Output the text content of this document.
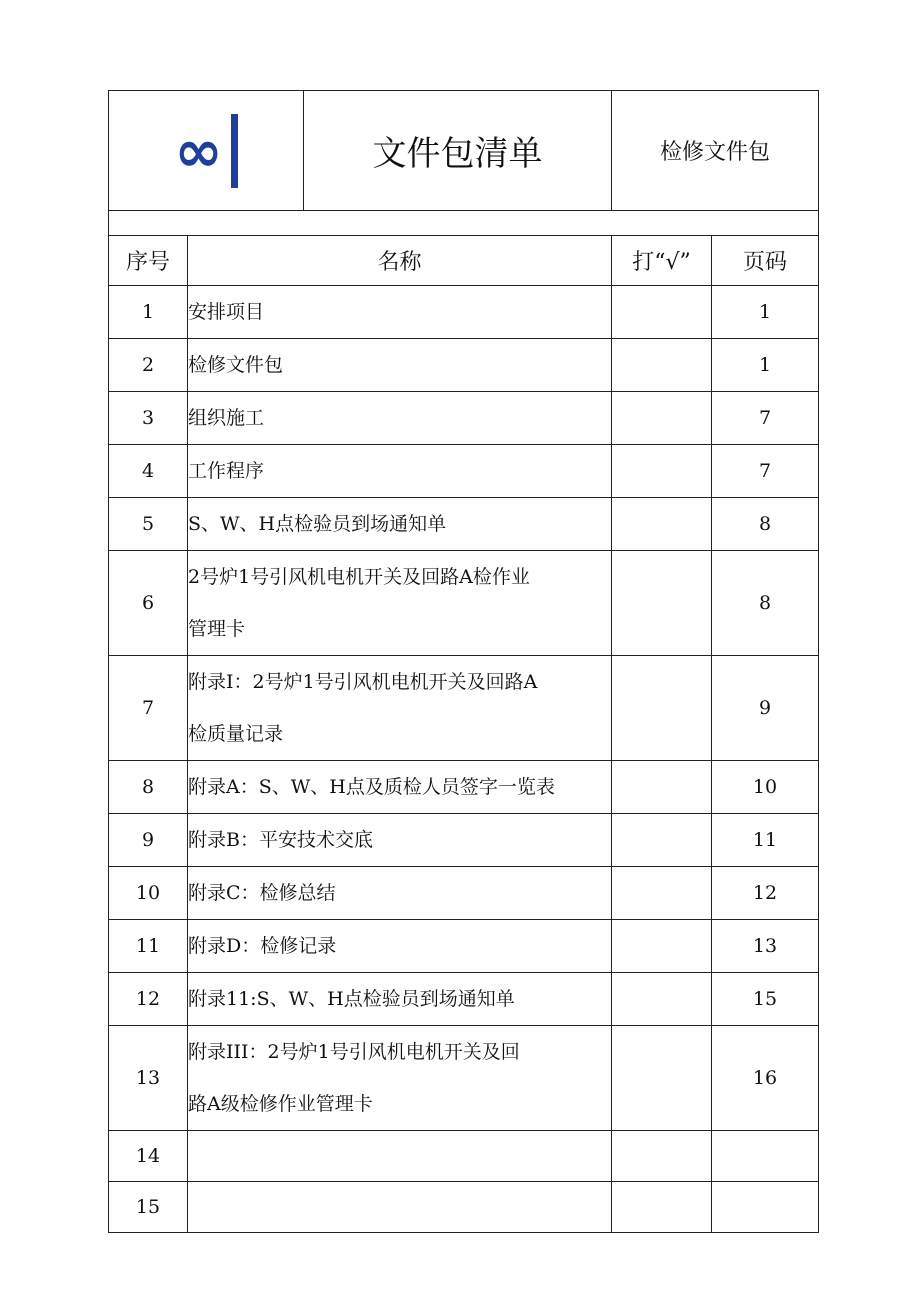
∞		文件包清单	检修文件包	

序号	名称		打“√”	页码
1	安排项目			1
2	检修文件包			1
3	组织施工			7
4	工作程序			7
5	S、W、H点检验员到场通知单			8
6	2号炉1号引风机电机开关及回路A检作业
管理卡			8
7	附录I：2号炉1号引风机电机开关及回路A
检质量记录			9
8	附录A：S、W、H点及质检人员签字一览表			10
9	附录B：平安技术交底			11
10	附录C：检修总结			12
11	附录D：检修记录			13
12	附录11:S、W、H点检验员到场通知单			15
13	附录III：2号炉1号引风机电机开关及回
路A级检修作业管理卡			16
14				
15				
